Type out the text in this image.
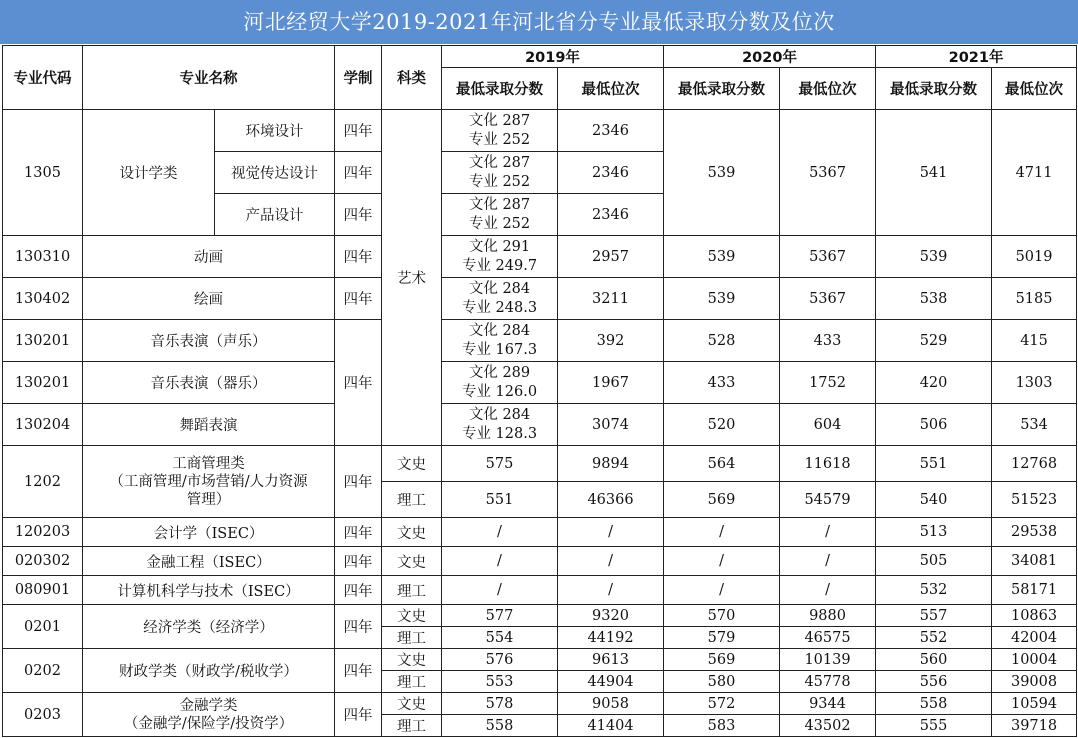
河北经贸大学2019-2021年河北省分专业最低录取分数及位次
专业代码	专业名称		学制	科类	2019年		2020年		2021年	
					最低录取分数	最低位次	最低录取分数	最低位次	最低录取分数	最低位次
1305	设计学类	环境设计	四年	艺术	文化 287
专业 252	2346	539	5367	541	4711
		视觉传达设计	四年		文化 287
专业 252	2346				
		产品设计	四年		文化 287
专业 252	2346				
130310	动画		四年		文化 291
专业 249.7	2957	539	5367	539	5019
130402	绘画		四年		文化 284
专业 248.3	3211	539	5367	538	5185
130201	音乐表演（声乐）		四年		文化 284
专业 167.3	392	528	433	529	415
130201	音乐表演（器乐）				文化 289
专业 126.0	1967	433	1752	420	1303
130204	舞蹈表演				文化 284
专业 128.3	3074	520	604	506	534
1202	工商管理类
（工商管理/市场营销/人力资源
管理）		四年	文史	575	9894	564	11618	551	12768
				理工	551	46366	569	54579	540	51523
120203	会计学（ISEC）		四年	文史	/	/	/	/	513	29538
020302	金融工程（ISEC）		四年	文史	/	/	/	/	505	34081
080901	计算机科学与技术（ISEC）		四年	理工	/	/	/	/	532	58171
0201	经济学类（经济学）		四年	文史	577	9320	570	9880	557	10863
				理工	554	44192	579	46575	552	42004
0202	财政学类（财政学/税收学）		四年	文史	576	9613	569	10139	560	10004
				理工	553	44904	580	45778	556	39008
0203	金融学类
（金融学/保险学/投资学）		四年	文史	578	9058	572	9344	558	10594
				理工	558	41404	583	43502	555	39718
